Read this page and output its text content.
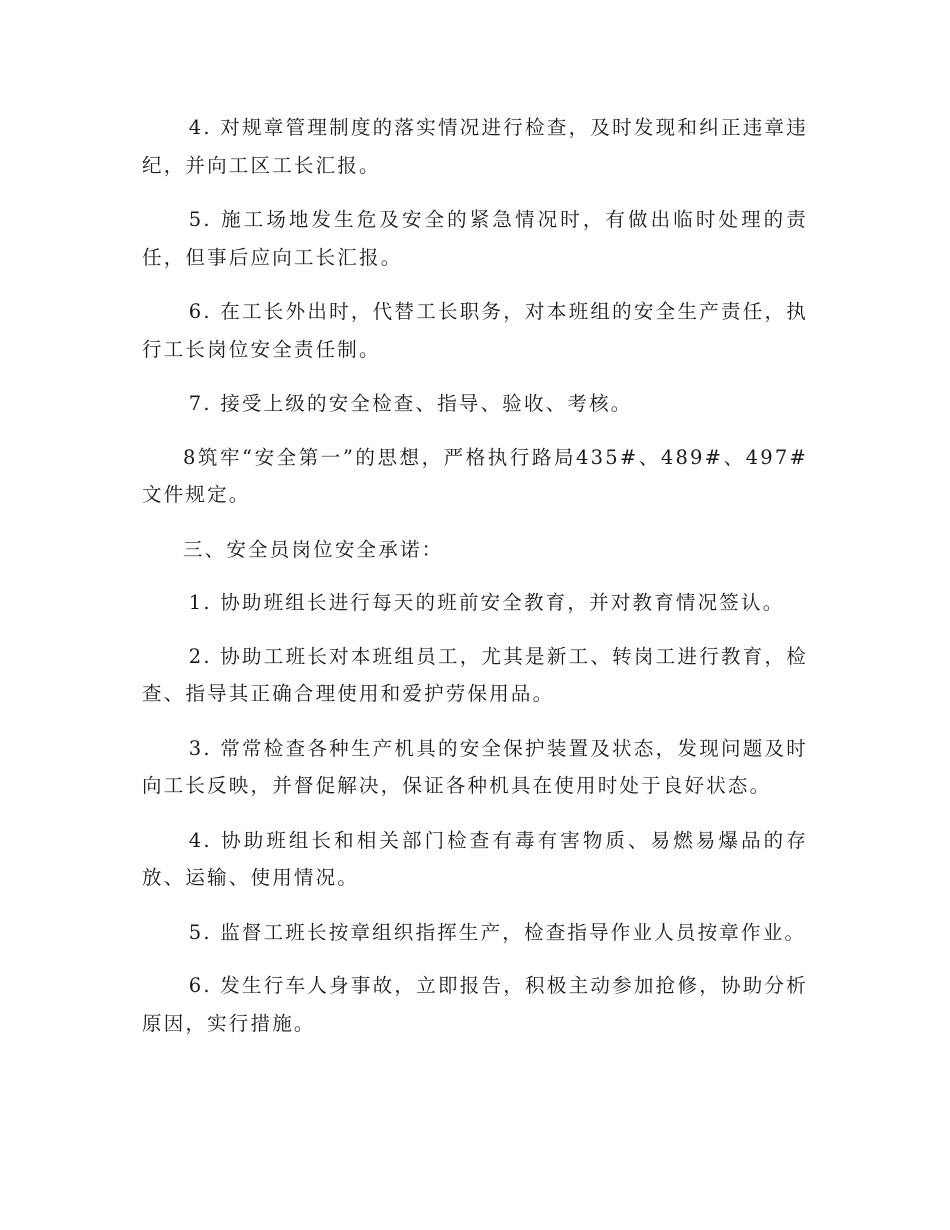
4. 对规章管理制度的落实情况进行检查，及时发现和纠正违章违纪，并向工区工长汇报。

5. 施工场地发生危及安全的紧急情况时，有做出临时处理的责任，但事后应向工长汇报。

6. 在工长外出时，代替工长职务，对本班组的安全生产责任，执行工长岗位安全责任制。

7. 接受上级的安全检查、指导、验收、考核。

8筑牢“安全第一”的思想，严格执行路局435#、489#、497#文件规定。

三、安全员岗位安全承诺：

1. 协助班组长进行每天的班前安全教育，并对教育情况签认。

2. 协助工班长对本班组员工，尤其是新工、转岗工进行教育，检查、指导其正确合理使用和爱护劳保用品。

3. 常常检查各种生产机具的安全保护装置及状态，发现问题及时向工长反映，并督促解决，保证各种机具在使用时处于良好状态。

4. 协助班组长和相关部门检查有毒有害物质、易燃易爆品的存放、运输、使用情况。

5. 监督工班长按章组织指挥生产，检查指导作业人员按章作业。

6. 发生行车人身事故，立即报告，积极主动参加抢修，协助分析原因，实行措施。
